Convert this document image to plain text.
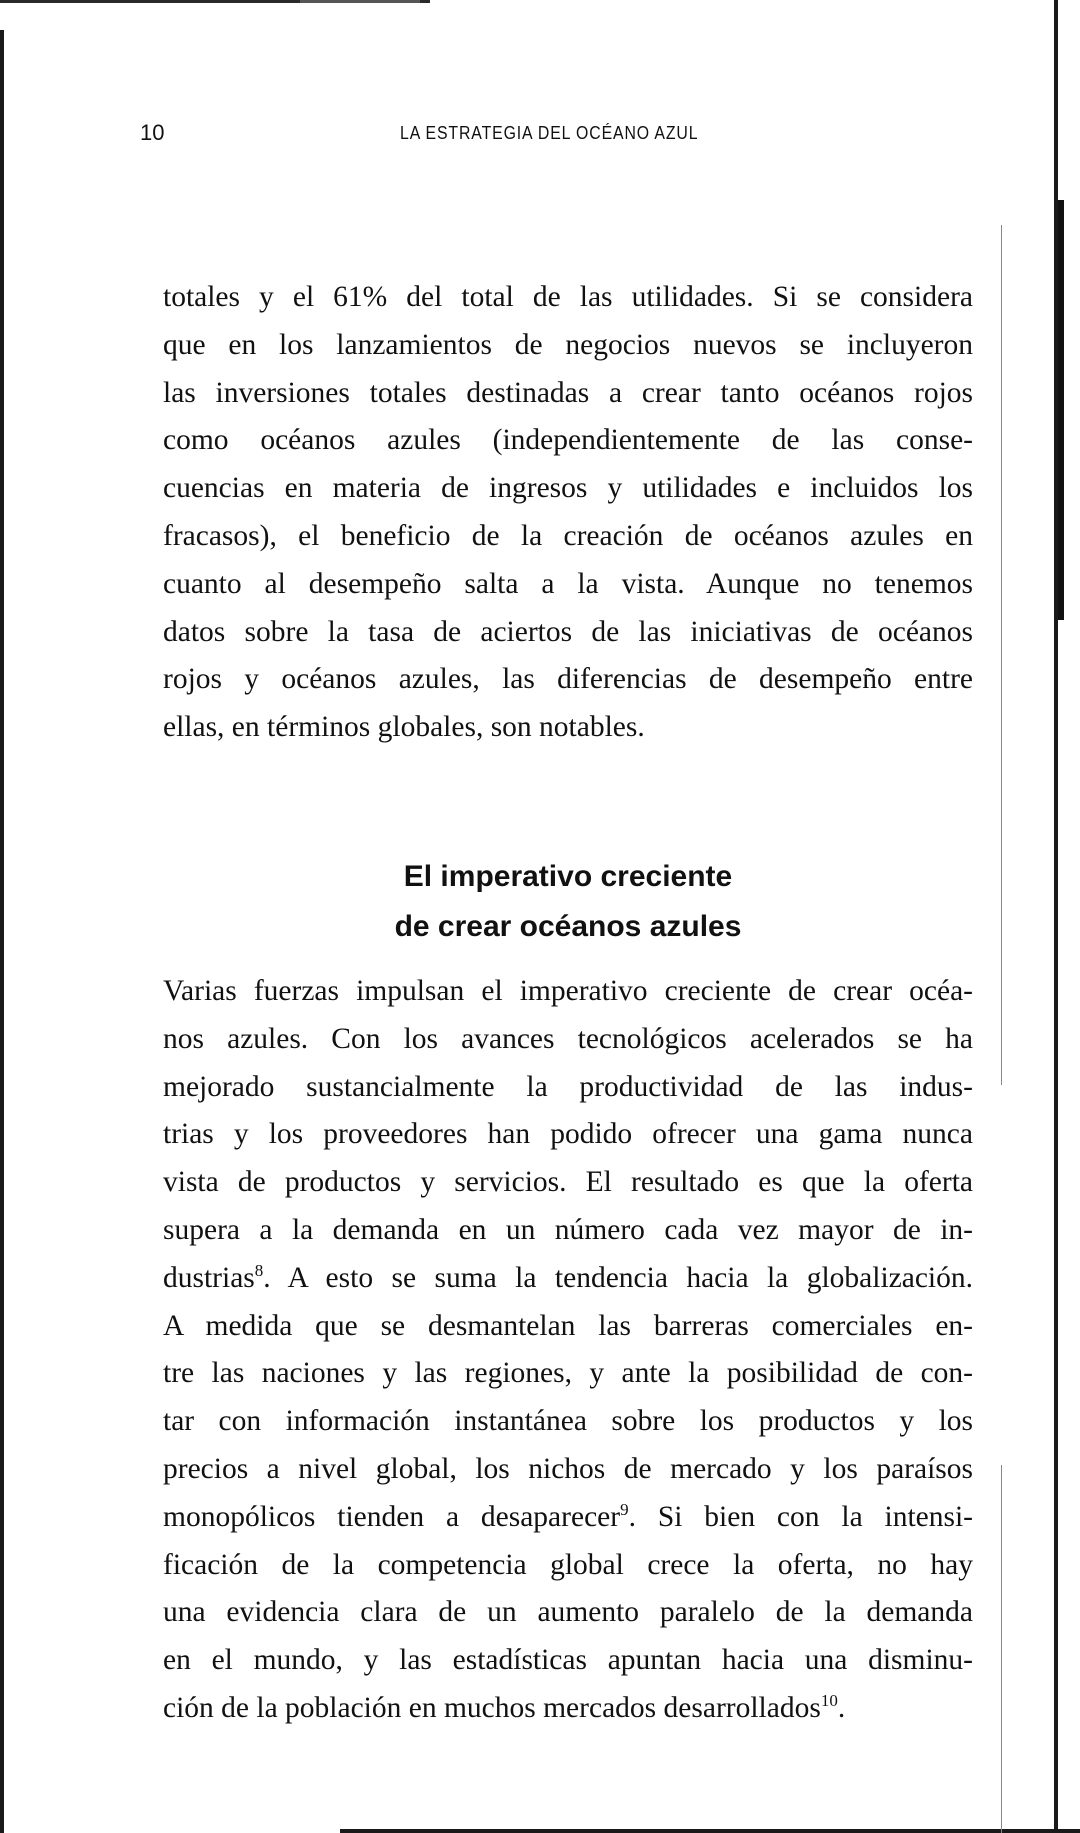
10	LA ESTRATEGIA DEL OCÉANO AZUL
totales y el 61% del total de las utilidades. Si se considera
que en los lanzamientos de negocios nuevos se incluyeron
las inversiones totales destinadas a crear tanto océanos rojos
como océanos azules (independientemente de las conse-
cuencias en materia de ingresos y utilidades e incluidos los
fracasos), el beneficio de la creación de océanos azules en
cuanto al desempeño salta a la vista. Aunque no tenemos
datos sobre la tasa de aciertos de las iniciativas de océanos
rojos y océanos azules, las diferencias de desempeño entre
ellas, en términos globales, son notables.
El imperativo creciente
de crear océanos azules
Varias fuerzas impulsan el imperativo creciente de crear océa-
nos azules. Con los avances tecnológicos acelerados se ha
mejorado sustancialmente la productividad de las indus-
trias y los proveedores han podido ofrecer una gama nunca
vista de productos y servicios. El resultado es que la oferta
supera a la demanda en un número cada vez mayor de in-
dustrias$^8$. A esto se suma la tendencia hacia la globalización.
A medida que se desmantelan las barreras comerciales en-
tre las naciones y las regiones, y ante la posibilidad de con-
tar con información instantánea sobre los productos y los
precios a nivel global, los nichos de mercado y los paraísos
monopólicos tienden a desaparecer$^9$. Si bien con la intensi-
ficación de la competencia global crece la oferta, no hay
una evidencia clara de un aumento paralelo de la demanda
en el mundo, y las estadísticas apuntan hacia una disminu-
ción de la población en muchos mercados desarrollados$^{10}$.
